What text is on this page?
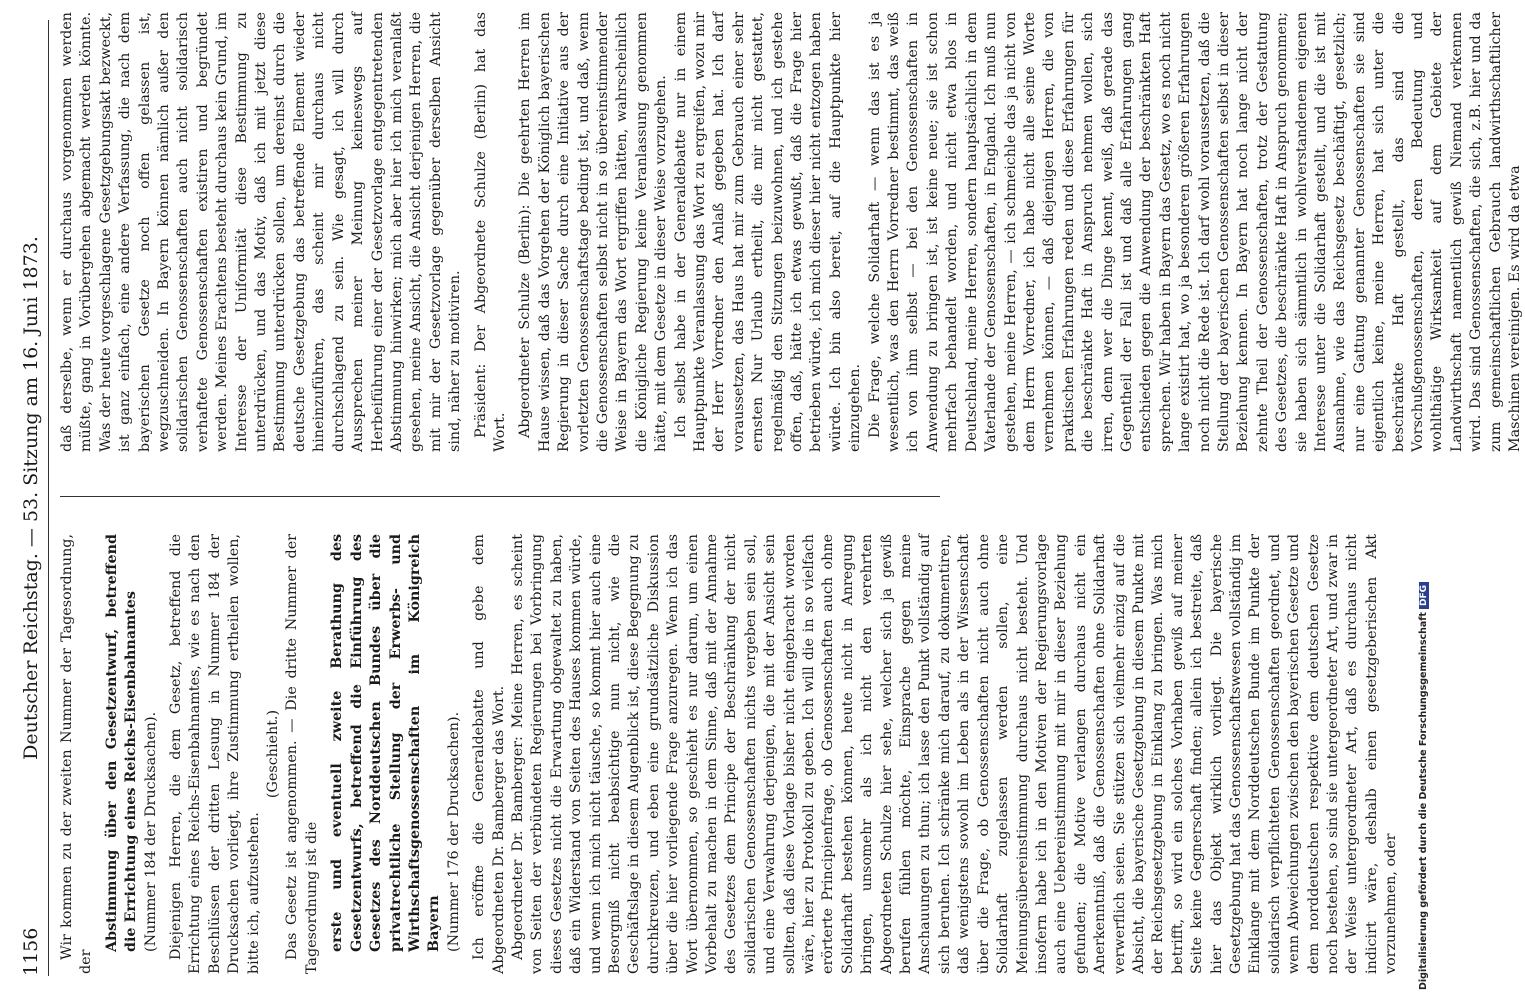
1156
Deutscher Reichstag. — 53. Sitzung am 16. Juni 1873. Wir kommen zu der zweiten Nummer der Tagesordnung, der

Abstimmung über den Gesetzentwurf, betreffend die Errichtung eines Reichs-Eisenbahnamtes (Nummer 184 der Drucksachen). Diejenigen Herren, die dem Gesetz, betreffend die Errichtung eines Reichs-Eisenbahnamtes, wie es nach den Beschlüssen der dritten Lesung in Nummer 184 der Drucksachen vorliegt, ihre Zustimmung ertheilen wollen, bitte ich, aufzustehen.

(Geschieht.) Das Gesetz ist angenommen. — Die dritte Nummer der Tagesordnung ist die erste und eventuell zweite Berathung des Gesetzentwurfs, betreffend die Einführung des Gesetzes des Norddeutschen Bundes über die privatrechtliche Stellung der Erwerbs- und Wirthschaftsgenossenschaften im Königreich Bayern (Nummer 176 der Drucksachen). Ich eröffne die Generaldebatte und gebe dem Abgeordneten Dr. Bamberger das Wort. Abgeordneter Dr. Bamberger: Meine Herren, es scheint von Seiten der verbündeten Regierungen bei Vorbringung dieses Gesetzes nicht die Erwartung obgewaltet zu haben, daß ein Widerstand von Seiten des Hauses kommen würde, und wenn ich mich nicht täusche, so kommt hier auch eine Besorgniß nicht beabsichtige nun nicht, wie die Geschäftslage in diesem Augenblick ist, diese Begegnung zu durchkreuzen, und eben eine grundsätzliche Diskussion über die hier vorliegende Frage anzuregen. Wenn ich das Wort übernommen, so geschieht es nur darum, um einen Vorbehalt zu machen in dem Sinne, daß mit der Annahme des Gesetzes dem Principe der Beschränkung der nicht solidarischen Genossenschaften nichts vergeben sein soll, und eine Verwahrung derjenigen, die mit der Ansicht sein sollten, daß diese Vorlage bisher nicht eingebracht worden wäre, hier zu Protokoll zu geben. Ich will die in so vielfach erörterte Principienfrage, ob Genossenschaften auch ohne Solidarhaft bestehen können, heute nicht in Anregung bringen, unsomehr als ich nicht den verehrten Abgeordneten Schulze hier sehe, welcher sich ja gewiß berufen fühlen möchte, Einsprache gegen meine Anschauungen zu thun; ich lasse den Punkt vollständig auf sich beruhen. Ich schränke mich darauf, zu dokumentiren, daß wenigstens sowohl im Leben als in der Wissenschaft über die Frage, ob Genossenschaften nicht auch ohne Solidarhaft zugelassen werden sollen, eine Meinungsübereinstimmung durchaus nicht besteht. Und insofern habe ich in den Motiven der Regierungsvorlage auch eine Uebereinstimmung mit mir in dieser Beziehung gefunden; die Motive verlangen durchaus nicht ein Anerkenntniß, daß die Genossenschaften ohne Solidarhaft verwerflich seien. Sie stützen sich vielmehr einzig auf die Absicht, die bayerische Gesetzgebung in diesem Punkte mit der Reichsgesetzgebung in Einklang zu bringen. Was mich betrifft, so wird ein solches Vorhaben gewiß auf meiner Seite keine Gegnerschaft finden; allein ich bestreite, daß hier das Objekt wirklich vorliegt. Die bayerische Gesetzgebung hat das Genossenschaftswesen vollständig im Einklange mit dem Norddeutschen Bunde im Punkte der solidarisch verpflichteten Genossenschaften geordnet, und wenn Abweichungen zwischen den bayerischen Gesetze und dem norddeutschen respektive dem deutschen Gesetze noch bestehen, so sind sie untergeordneter Art, und zwar in der Weise untergeordneter Art, daß es durchaus nicht indicirt wäre, deshalb einen gesetzgeberischen Akt vorzunehmen, oder

daß derselbe, wenn er durchaus vorgenommen werden müßte, gang in Vorübergehen abgemacht werden könnte. Was der heute vorgeschlagene Gesetzgebungsakt bezweckt, ist ganz einfach, eine andere Verfassung, die nach dem bayerischen Gesetze noch offen gelassen ist, wegzuschneiden. In Bayern können nämlich außer den solidarischen Genossenschaften auch nicht solidarisch verhaftete Genossenschaften existiren und begründet werden. Meines Erachtens besteht durchaus kein Grund, im Interesse der Uniformität diese Bestimmung zu unterdrücken, und das Motiv, daß ich mit jetzt diese Bestimmung unterdrücken sollen, um dereinst durch die deutsche Gesetzgebung das betreffende Element wieder hineinzuführen, das scheint mir durchaus nicht durchschlagend zu sein. Wie gesagt, ich will durch Aussprechen meiner Meinung keineswegs auf Herbeiführung einer der Gesetzvorlage entgegentretenden Abstimmung hinwirken; mich aber hier ich mich veranlaßt gesehen, meine Ansicht, die Ansicht derjenigen Herren, die mit mir der Gesetzvorlage gegenüber derselben Ansicht sind, näher zu motiviren. Präsident: Der Abgeordnete Schulze (Berlin) hat das Wort. Abgeordneter Schulze (Berlin): Die geehrten Herren im Hause wissen, daß das Vorgehen der Königlich bayerischen Regierung in dieser Sache durch eine Initiative aus der vorletzten Genossenschaftstage bedingt ist, und daß, wenn die Genossenschaften selbst nicht in so übereinstimmender Weise in Bayern das Wort ergriffen hätten, wahrscheinlich die Königliche Regierung keine Veranlassung genommen hätte, mit dem Gesetze in dieser Weise vorzugehen. Ich selbst habe in der Generaldebatte nur in einem Hauptpunkte Veranlassung das Wort zu ergreifen, wozu mir der Herr Vorredner den Anlaß gegeben hat. Ich darf voraussetzen, das Haus hat mir zum Gebrauch einer sehr ernsten Nur Urlaub ertheilt, die mir nicht gestattet, regelmäßig den Sitzungen beizuwohnen, und ich gestehe offen, daß, hätte ich etwas gewußt, daß die Frage hier betrieben würde, ich mich dieser hier nicht entzogen haben würde. Ich bin also bereit, auf die Hauptpunkte hier einzugehen. Die Frage, welche Solidarhaft — wenn das ist es ja wesentlich, was den Herrn Vorredner bestimmt, das weiß ich von ihm selbst — bei den Genossenschaften in Anwendung zu bringen ist, ist keine neue; sie ist schon mehrfach behandelt worden, und nicht etwa blos in Deutschland, meine Herren, sondern hauptsächlich in dem Vaterlande der Genossenschaften, in England. Ich muß nun gestehen, meine Herren, — ich schmeichle das ja nicht von dem Herrn Vorredner, ich habe nicht alle seine Worte vernehmen können, — daß diejenigen Herren, die von praktischen Erfahrungen reden und diese Erfahrungen für die beschränkte Haft in Anspruch nehmen wollen, sich irren, denn wer die Dinge kennt, weiß, daß gerade das Gegentheil der Fall ist und daß alle Erfahrungen gang entschieden gegen die Anwendung der beschränkten Haft sprechen. Wir haben in Bayern das Gesetz, wo es noch nicht lange existirt hat, wo ja besonderen größeren Erfahrungen noch nicht die Rede ist. Ich darf wohl voraussetzen, daß die Stellung der bayerischen Genossenschaften selbst in dieser Beziehung kennen. In Bayern hat noch lange nicht der zehnte Theil der Genossenschaften, trotz der Gestattung des Gesetzes, die beschränkte Haft in Anspruch genommen; sie haben sich sämmtlich in wohlverstandenem eigenen Interesse unter die Solidarhaft gestellt, und die ist mit Ausnahme, wie das Reichsgesetz beschäftigt, gesetzlich; nur eine Gattung genannter Genossenschaften sie sind eigentlich keine, meine Herren, hat sich unter die beschränkte Haft gestellt, das sind die Vorschußgenossenschaften, deren Bedeutung und wohlthätige Wirksamkeit auf dem Gebiete der Landwirthschaft namentlich gewiß Niemand verkennen wird. Das sind Genossenschaften, die sich, z.B. hier und da zum gemeinschaftlichen Gebrauch landwirthschaftlicher Maschinen vereinigen. Es wird da etwa

Digitalisierung gefördert durch die Deutsche ForschungsgemeinschaftDFG
